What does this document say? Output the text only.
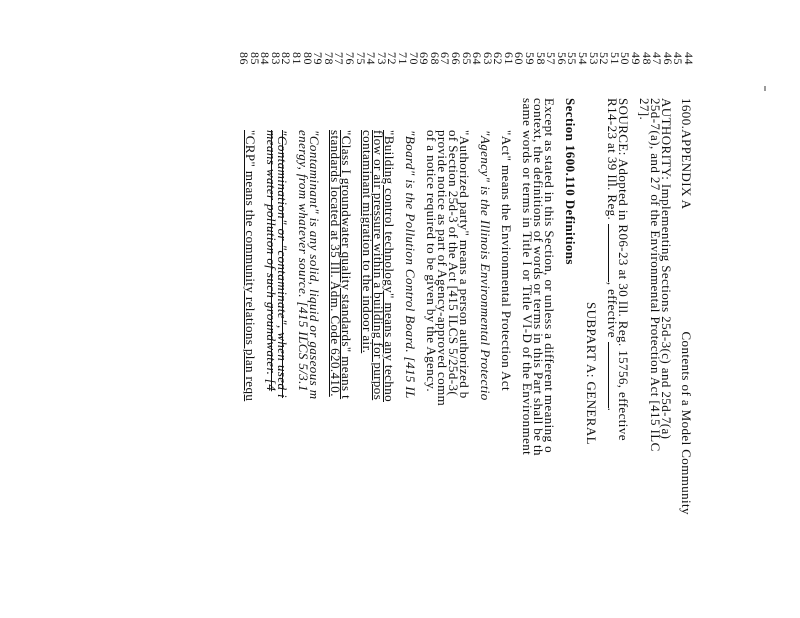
44
45
46
47
48
49
50
51
52
53
54
55
56
57
58
59
60
61
62
63
64
65
66
67
68
69
70
71
72
73
74
75
76
77
78
79
80
81
82
83
84
85
86
1600.APPENDIX AContents of a Model Community
AUTHORITY: Implementing Sections 25d-3(c) and 25d-7(a)
25d-7(a), and 27 of the Environmental Protection Act [415 ILC
27].
SOURCE: Adopted in R06-23 at 30 Ill. Reg. 15756, effective
R14-23 at 39 Ill. Reg. , effective .
SUBPART A: GENERAL
Section 1600.110 Definitions
Except as stated in this Section, or unless a different meaning o
context, the definitions of words or terms in this Part shall be th
same words or terms in Title I or Title VI-D of the Environment
"Act" means the Environmental Protection Act
"Agency" is the Illinois Environmental Protectio
"Authorized party" means a person authorized b
of Section 25d-3 of the Act [415 ILCS 5/25d-3(
provide notice as part of Agency-approved comm
of a notice required to be given by the Agency.
"Board" is the Pollution Control Board. [415 IL
"Building control technology" means any techno
flow or air pressure within a building for purpos
contaminant migration to the indoor air.
"Class I groundwater quality standards" means t
standards located at 35 Ill. Adm. Code 620.410.
"Contaminant" is any solid, liquid or gaseous m
energy, from whatever source. [415 ILCS 5/3.1
"Contamination" or "contaminate", when used i
means water pollution of such groundwater. [4
"CRP" means the community relations plan requ
